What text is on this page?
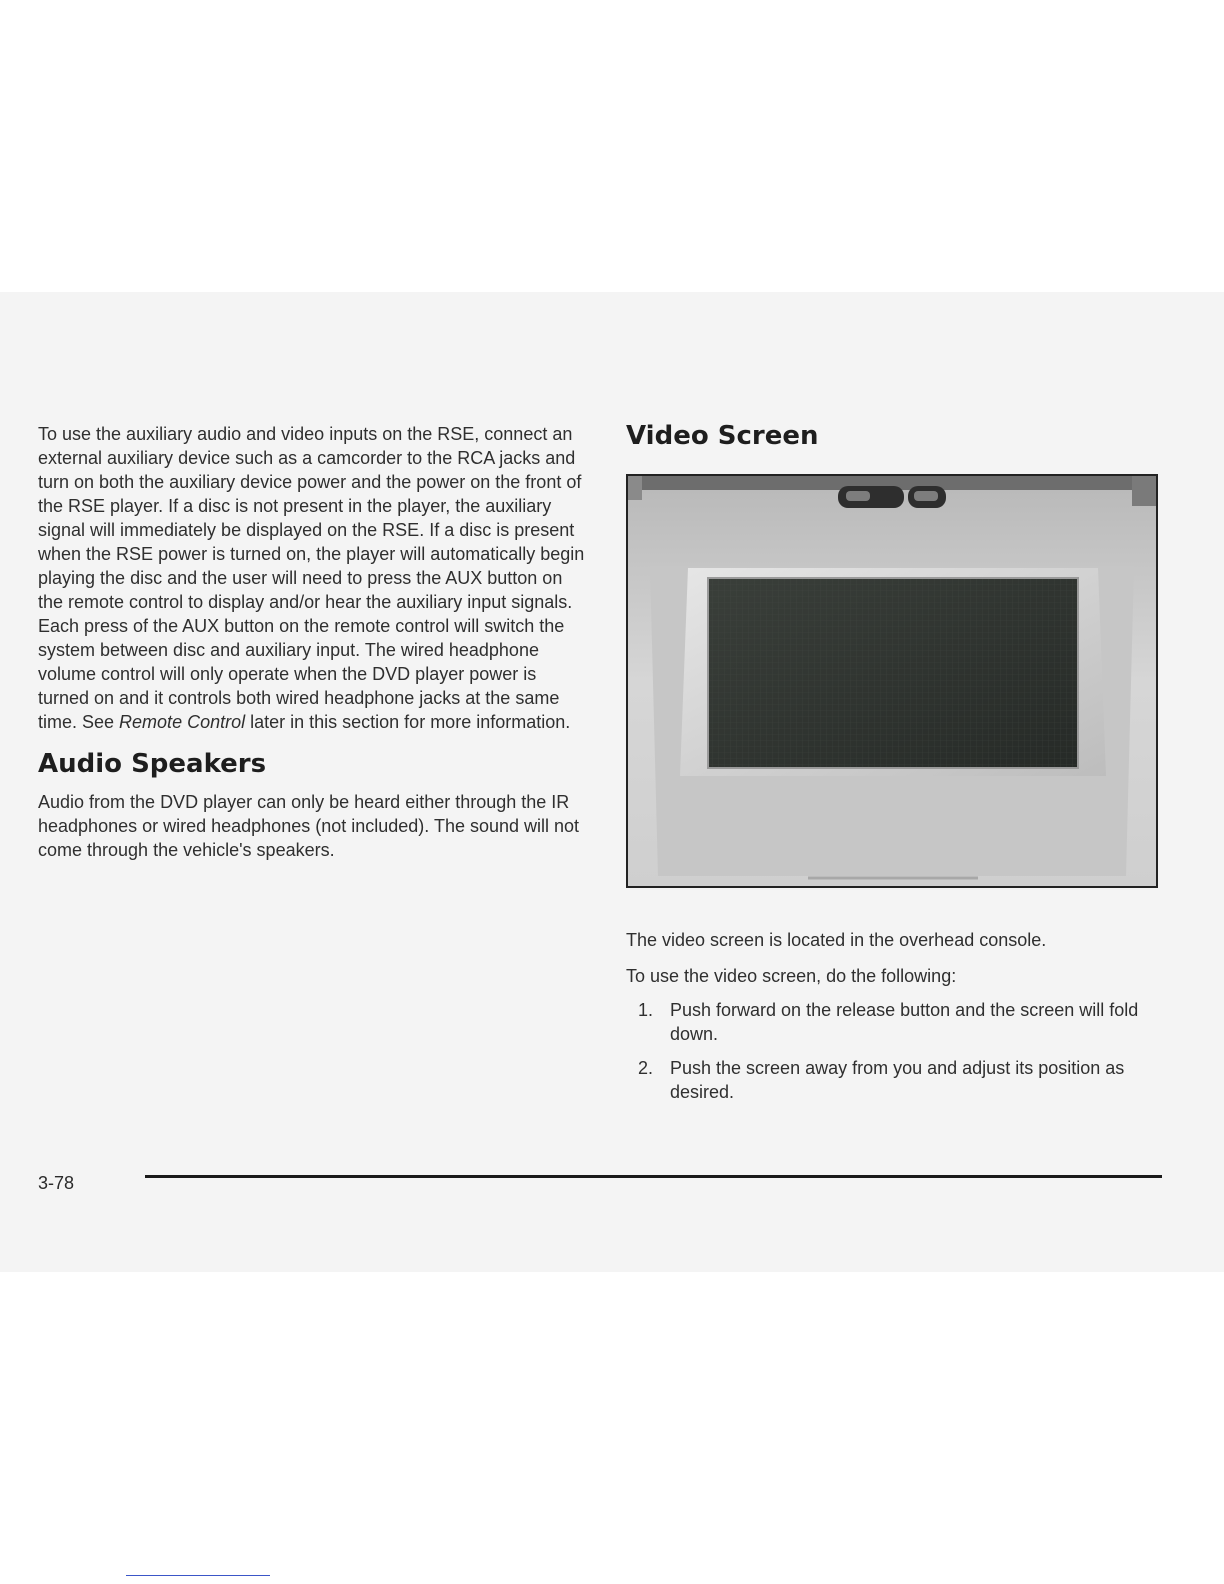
To use the auxiliary audio and video inputs on the RSE, connect an external auxiliary device such as a camcorder to the RCA jacks and turn on both the auxiliary device power and the power on the front of the RSE player. If a disc is not present in the player, the auxiliary signal will immediately be displayed on the RSE. If a disc is present when the RSE power is turned on, the player will automatically begin playing the disc and the user will need to press the AUX button on the remote control to display and/or hear the auxiliary input signals. Each press of the AUX button on the remote control will switch the system between disc and auxiliary input. The wired headphone volume control will only operate when the DVD player power is turned on and it controls both wired headphone jacks at the same time. See Remote Control later in this section for more information.

Audio Speakers

Audio from the DVD player can only be heard either through the IR headphones or wired headphones (not included). The sound will not come through the vehicle's speakers.

Video Screen

The video screen is located in the overhead console.

To use the video screen, do the following:

1. Push forward on the release button and the screen will fold down.
2. Push the screen away from you and adjust its position as desired.
3-78
